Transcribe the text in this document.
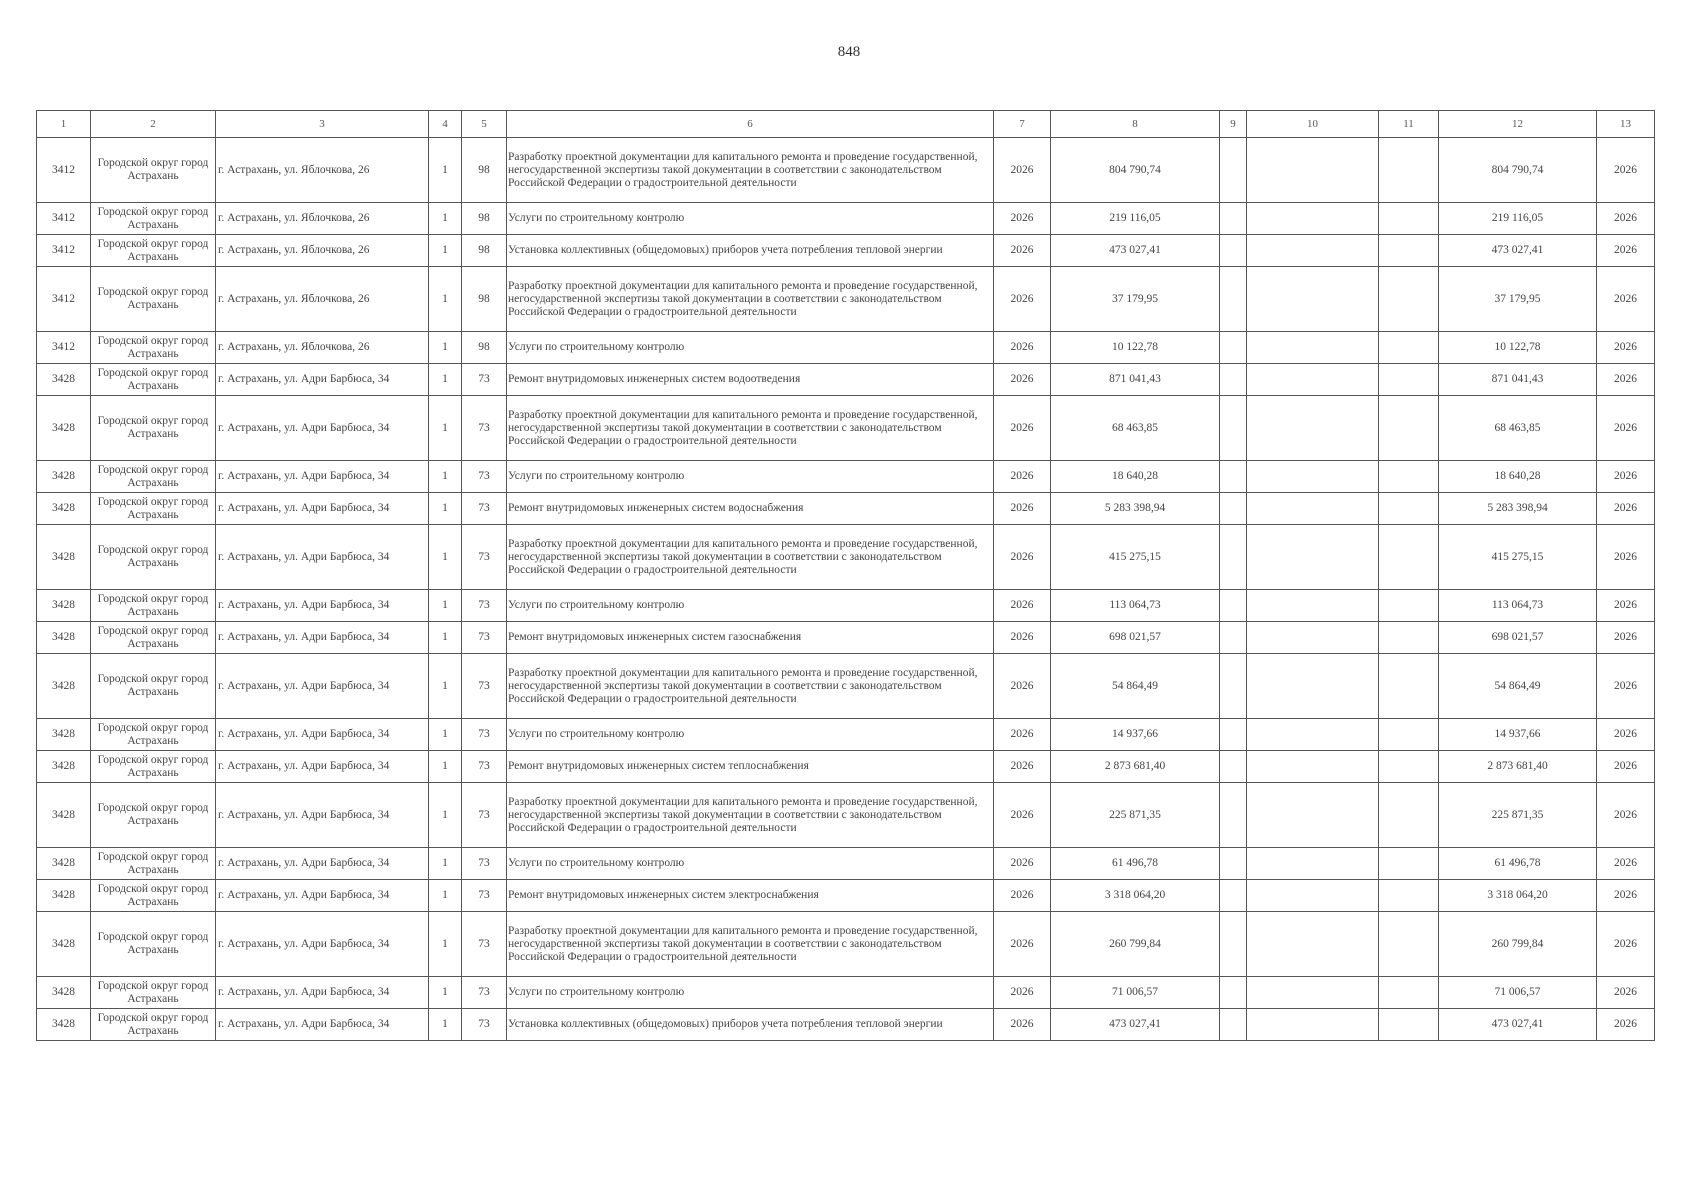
848
1	2	3	4	5	6	7	8	9	10	11	12	13
3412	Городской округ город Астрахань	г. Астрахань, ул. Яблочкова, 26	1	98	Разработку проектной документации для капитального ремонта и проведение государственной, негосударственной экспертизы такой документации в соответствии с законодательством Российской Федерации о градостроительной деятельности	2026	804 790,74				804 790,74	2026
3412	Городской округ город Астрахань	г. Астрахань, ул. Яблочкова, 26	1	98	Услуги по строительному контролю	2026	219 116,05				219 116,05	2026
3412	Городской округ город Астрахань	г. Астрахань, ул. Яблочкова, 26	1	98	Установка коллективных (общедомовых) приборов учета потребления тепловой энергии	2026	473 027,41				473 027,41	2026
3412	Городской округ город Астрахань	г. Астрахань, ул. Яблочкова, 26	1	98	Разработку проектной документации для капитального ремонта и проведение государственной, негосударственной экспертизы такой документации в соответствии с законодательством Российской Федерации о градостроительной деятельности	2026	37 179,95				37 179,95	2026
3412	Городской округ город Астрахань	г. Астрахань, ул. Яблочкова, 26	1	98	Услуги по строительному контролю	2026	10 122,78				10 122,78	2026
3428	Городской округ город Астрахань	г. Астрахань, ул. Адри Барбюса, 34	1	73	Ремонт внутридомовых инженерных систем водоотведения	2026	871 041,43				871 041,43	2026
3428	Городской округ город Астрахань	г. Астрахань, ул. Адри Барбюса, 34	1	73	Разработку проектной документации для капитального ремонта и проведение государственной, негосударственной экспертизы такой документации в соответствии с законодательством Российской Федерации о градостроительной деятельности	2026	68 463,85				68 463,85	2026
3428	Городской округ город Астрахань	г. Астрахань, ул. Адри Барбюса, 34	1	73	Услуги по строительному контролю	2026	18 640,28				18 640,28	2026
3428	Городской округ город Астрахань	г. Астрахань, ул. Адри Барбюса, 34	1	73	Ремонт внутридомовых инженерных систем водоснабжения	2026	5 283 398,94				5 283 398,94	2026
3428	Городской округ город Астрахань	г. Астрахань, ул. Адри Барбюса, 34	1	73	Разработку проектной документации для капитального ремонта и проведение государственной, негосударственной экспертизы такой документации в соответствии с законодательством Российской Федерации о градостроительной деятельности	2026	415 275,15				415 275,15	2026
3428	Городской округ город Астрахань	г. Астрахань, ул. Адри Барбюса, 34	1	73	Услуги по строительному контролю	2026	113 064,73				113 064,73	2026
3428	Городской округ город Астрахань	г. Астрахань, ул. Адри Барбюса, 34	1	73	Ремонт внутридомовых инженерных систем газоснабжения	2026	698 021,57				698 021,57	2026
3428	Городской округ город Астрахань	г. Астрахань, ул. Адри Барбюса, 34	1	73	Разработку проектной документации для капитального ремонта и проведение государственной, негосударственной экспертизы такой документации в соответствии с законодательством Российской Федерации о градостроительной деятельности	2026	54 864,49				54 864,49	2026
3428	Городской округ город Астрахань	г. Астрахань, ул. Адри Барбюса, 34	1	73	Услуги по строительному контролю	2026	14 937,66				14 937,66	2026
3428	Городской округ город Астрахань	г. Астрахань, ул. Адри Барбюса, 34	1	73	Ремонт внутридомовых инженерных систем теплоснабжения	2026	2 873 681,40				2 873 681,40	2026
3428	Городской округ город Астрахань	г. Астрахань, ул. Адри Барбюса, 34	1	73	Разработку проектной документации для капитального ремонта и проведение государственной, негосударственной экспертизы такой документации в соответствии с законодательством Российской Федерации о градостроительной деятельности	2026	225 871,35				225 871,35	2026
3428	Городской округ город Астрахань	г. Астрахань, ул. Адри Барбюса, 34	1	73	Услуги по строительному контролю	2026	61 496,78				61 496,78	2026
3428	Городской округ город Астрахань	г. Астрахань, ул. Адри Барбюса, 34	1	73	Ремонт внутридомовых инженерных систем электроснабжения	2026	3 318 064,20				3 318 064,20	2026
3428	Городской округ город Астрахань	г. Астрахань, ул. Адри Барбюса, 34	1	73	Разработку проектной документации для капитального ремонта и проведение государственной, негосударственной экспертизы такой документации в соответствии с законодательством Российской Федерации о градостроительной деятельности	2026	260 799,84				260 799,84	2026
3428	Городской округ город Астрахань	г. Астрахань, ул. Адри Барбюса, 34	1	73	Услуги по строительному контролю	2026	71 006,57				71 006,57	2026
3428	Городской округ город Астрахань	г. Астрахань, ул. Адри Барбюса, 34	1	73	Установка коллективных (общедомовых) приборов учета потребления тепловой энергии	2026	473 027,41				473 027,41	2026
